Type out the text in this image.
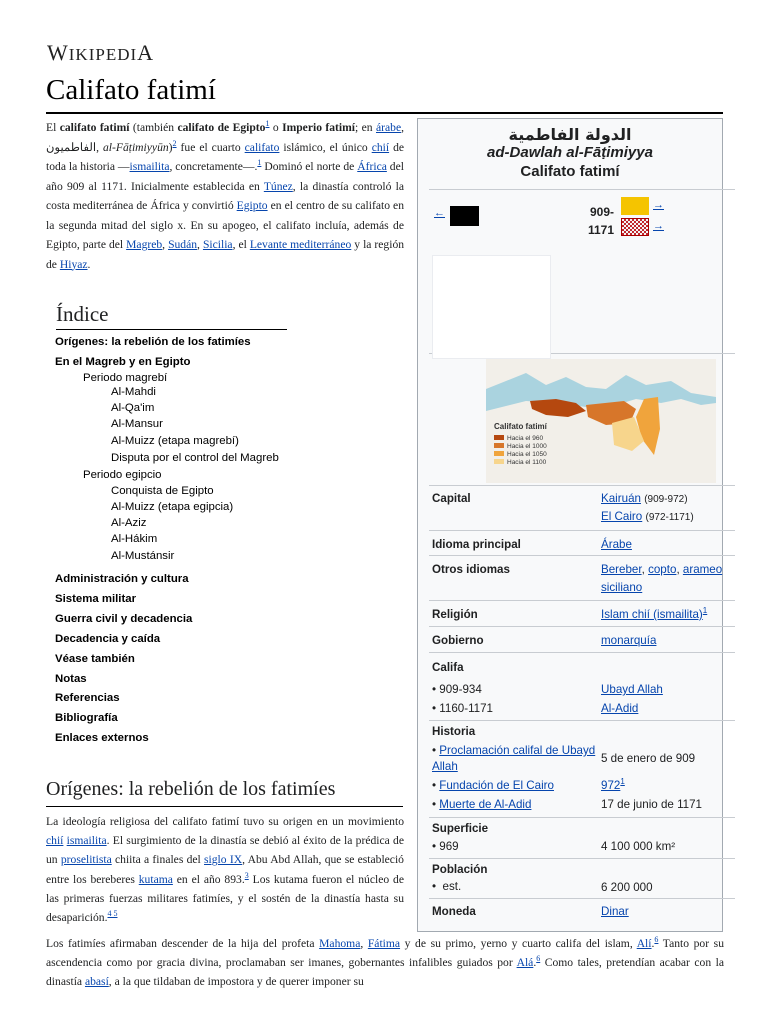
WIKIPEDIA
Califato fatimí

El califato fatimí (también califato de Egipto$^1$ o Imperio fatimí; en árabe, الفاطميون‎, al-Fāṭimiyyūn)$^2$ fue el cuarto califato islámico, el único chií de toda la historia —ismailita, concretamente—.$^1$ Dominó el norte de África del año 909 al 1171. Inicialmente establecida en Túnez, la dinastía controló la costa mediterránea de África y convirtió Egipto en el centro de su califato en la segunda mitad del siglo x. En su apogeo, el califato incluía, además de Egipto, parte del Magreb, Sudán, Sicilia, el Levante mediterráneo y la región de Hiyaz.

Índice
Orígenes: la rebelión de los fatimíes
En el Magreb y en Egipto
Periodo magrebí
Al-Mahdi
Al-Qa'im
Al-Mansur
Al-Muizz (etapa magrebí)
Disputa por el control del Magreb
Periodo egipcio
Conquista de Egipto
Al-Muizz (etapa egipcia)
Al-Aziz
Al-Hákim
Al-Mustánsir
Administración y cultura
Sistema militar
Guerra civil y decadencia
Decadencia y caída
Véase también
Notas
Referencias
Bibliografía
Enlaces externos
Orígenes: la rebelión de los fatimíes

La ideología religiosa del califato fatimí tuvo su origen en un movimiento chií ismailita. El surgimiento de la dinastía se debió al éxito de la prédica de un proselitista chiita a finales del siglo IX, Abu Abd Allah, que se estableció entre los bereberes kutama en el año 893.$^3$ Los kutama fueron el núcleo de las primeras fuerzas militares fatimíes, y el sostén de la dinastía hasta su desaparición.$^{4 5}$

Los fatimíes afirmaban descender de la hija del profeta Mahoma, Fátima y de su primo, yerno y cuarto califa del islam, Alí.$^6$ Tanto por su ascendencia como por gracia divina, proclamaban ser imanes, gobernantes infalibles guiados por Alá.$^6$ Como tales, pretendían acabar con la dinastía abasí, a la que tildaban de impostora y de querer imponer su

الدولة الفاطمية
ad-Dawlah al-Fāṭimiyya
Califato fatimí
←	909-
1171
→
→
Califato fatimí
Hacia el 960
Hacia el 1000
Hacia el 1050
Hacia el 1100
Capital	Kairuán (909-972)
El Cairo (972-1171)
Idioma principal	Árabe
Otros idiomas	Bereber, copto, arameo
siciliano
Religión	Islam chií (ismailita)$^1$
Gobierno	monarquía
Califa
• 909-934	Ubayd Allah
• 1160-1171	Al-Adid
Historia
• Proclamación califal de Ubayd Allah
5 de enero de 909
• Fundación de El Cairo	$972^1$
• Muerte de Al-Adid	17 de junio de 1171
Superficie
• 969	4 100 000 km²
Población
•  est.	6 200 000
Moneda	Dinar
